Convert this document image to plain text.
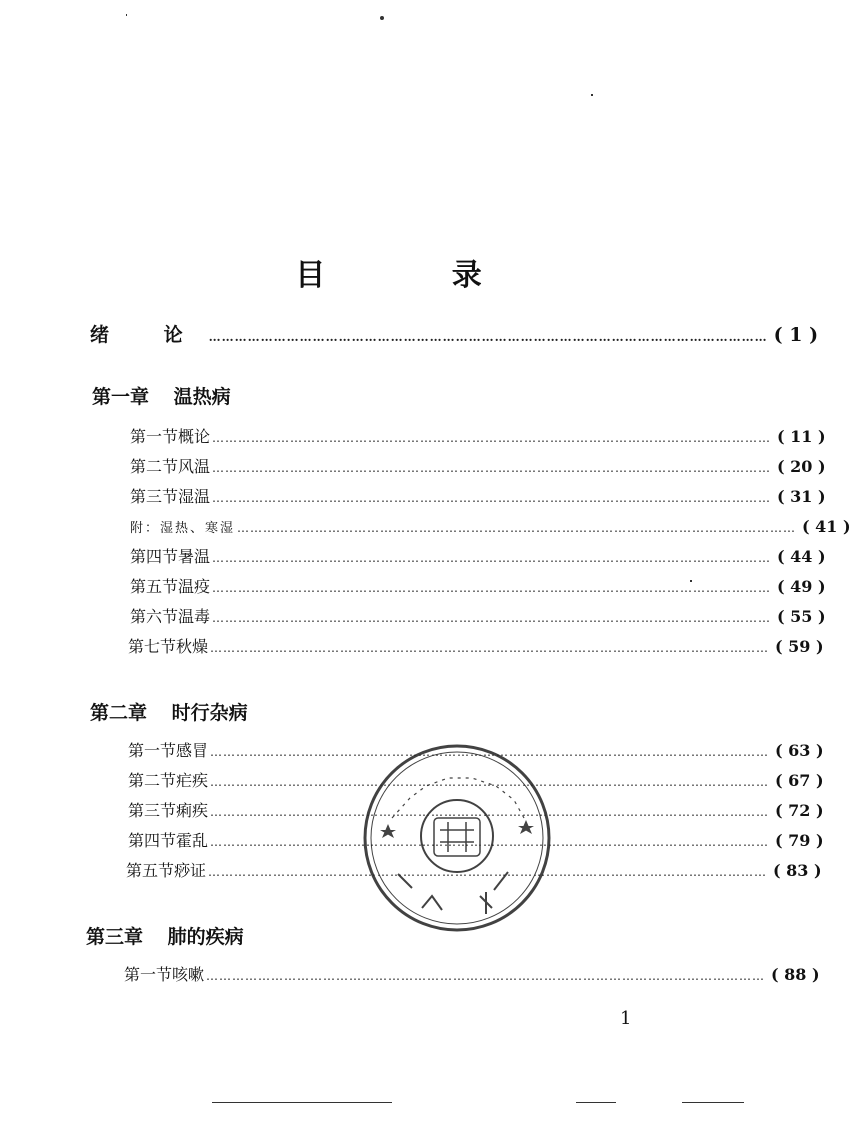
目 录
绪 论 ………………………………………………………………………………………………………………… ( 1 )
第一章 温热病
第一节 概论 ………………………………………………………………………………………………………………… ( 11 )
第二节 风温 ………………………………………………………………………………………………………………… ( 20 )
第三节 湿温 ………………………………………………………………………………………………………………… ( 31 )
附：湿热、寒湿 ………………………………………………………………………………………………………………… ( 41 )
第四节 暑温 ………………………………………………………………………………………………………………… ( 44 )
第五节 温疫 ………………………………………………………………………………………………………………… ( 49 )
第六节 温毒 ………………………………………………………………………………………………………………… ( 55 )
第七节 秋燥 ………………………………………………………………………………………………………………… ( 59 )
第二章 时行杂病
第一节 感冒 ………………………………………………………………………………………………………………… ( 63 )
第二节 疟疾 ………………………………………………………………………………………………………………… ( 67 )
第三节 痢疾 ………………………………………………………………………………………………………………… ( 72 )
第四节 霍乱 ………………………………………………………………………………………………………………… ( 79 )
第五节 痧证 ………………………………………………………………………………………………………………… ( 83 )
第三章 肺的疾病
第一节 咳嗽 ………………………………………………………………………………………………………………… ( 88 )
1
